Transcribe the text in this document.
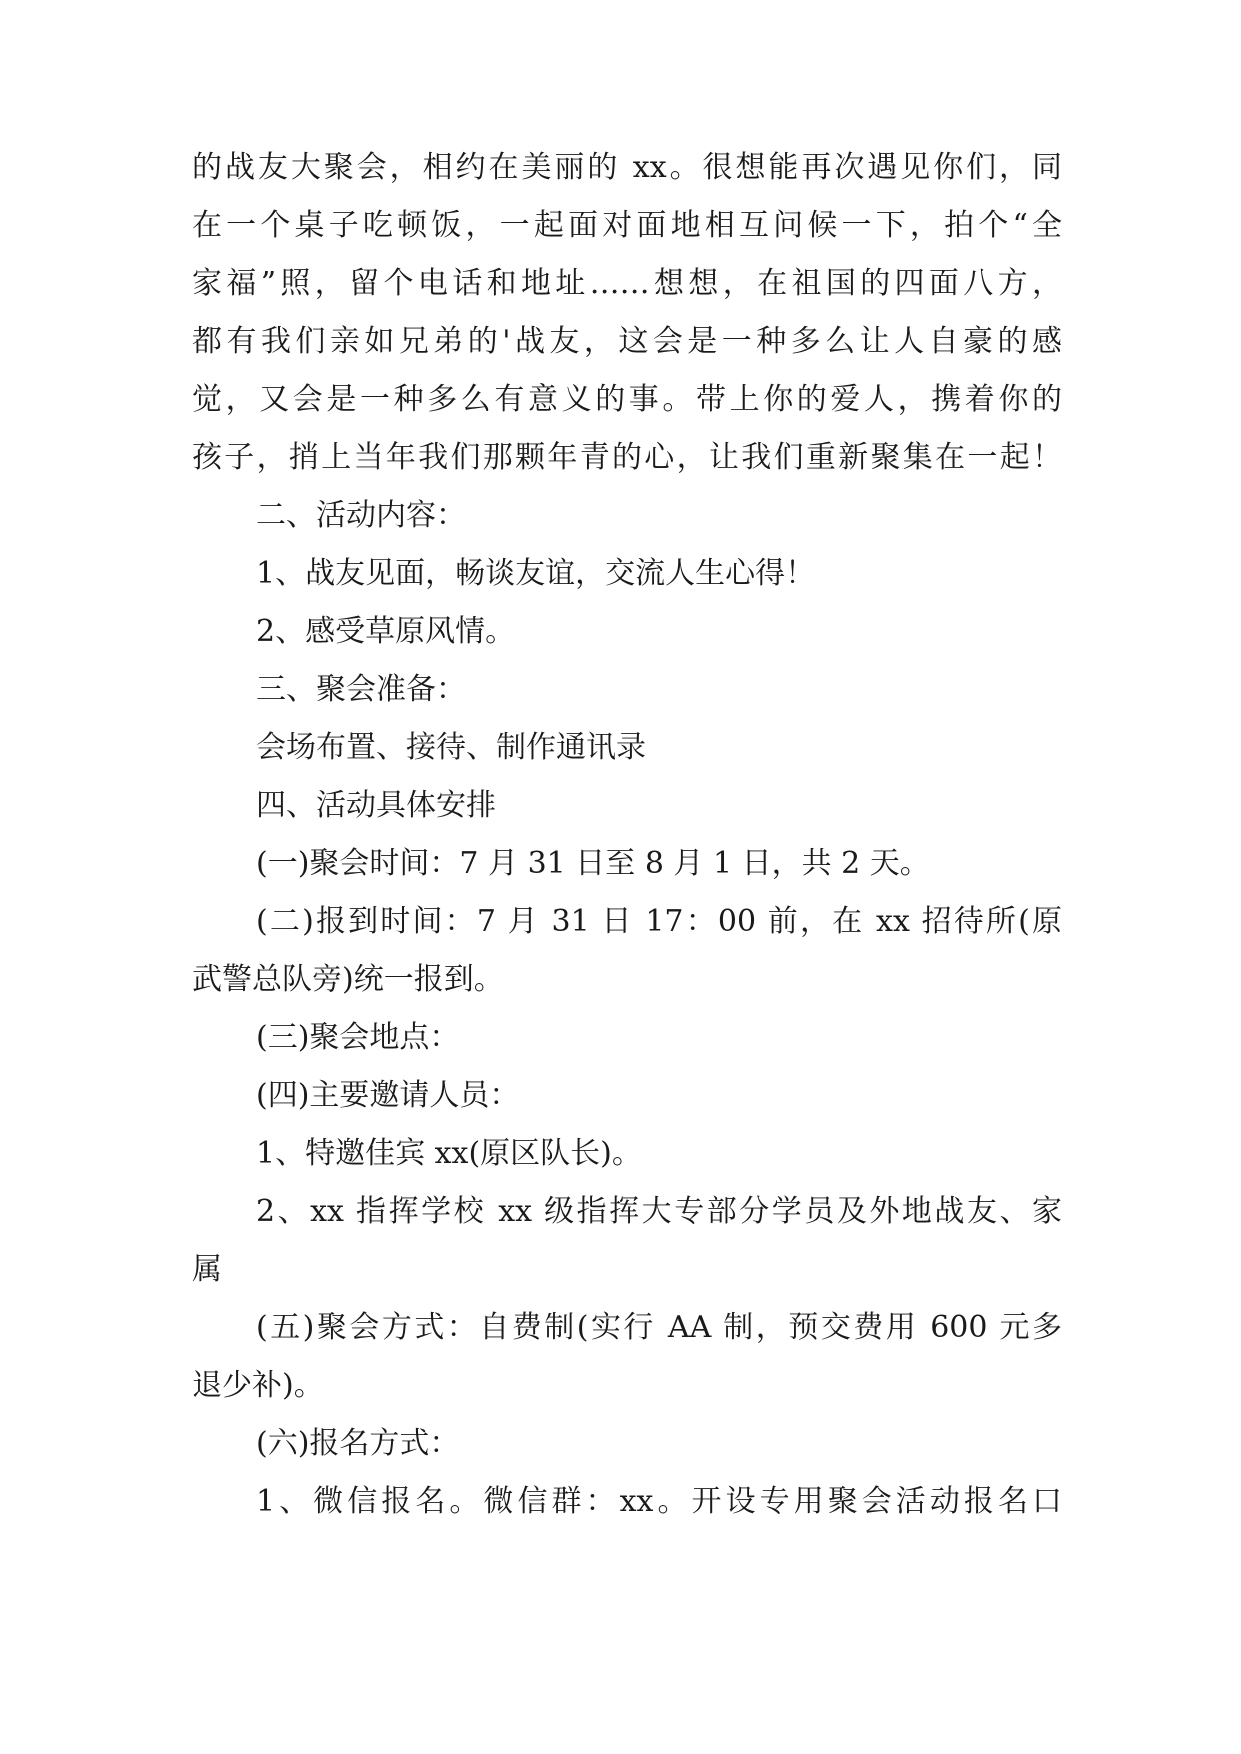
的战友大聚会，相约在美丽的 xx。很想能再次遇见你们，同
在一个桌子吃顿饭，一起面对面地相互问候一下，拍个“全
家福”照，留个电话和地址……想想，在祖国的四面八方，
都有我们亲如兄弟的'战友，这会是一种多么让人自豪的感
觉，又会是一种多么有意义的事。带上你的爱人，携着你的
孩子，捎上当年我们那颗年青的心，让我们重新聚集在一起！
二、活动内容：
1、战友见面，畅谈友谊，交流人生心得！
2、感受草原风情。
三、聚会准备：
会场布置、接待、制作通讯录
四、活动具体安排
(一)聚会时间：7 月 31 日至 8 月 1 日，共 2 天。
(二)报到时间：7 月 31 日 17：00 前，在 xx 招待所(原
武警总队旁)统一报到。
(三)聚会地点：
(四)主要邀请人员：
1、特邀佳宾 xx(原区队长)。
2、xx 指挥学校 xx 级指挥大专部分学员及外地战友、家
属
(五)聚会方式：自费制(实行 AA 制，预交费用 600 元多
退少补)。
(六)报名方式：
1、微信报名。微信群：xx。开设专用聚会活动报名口
